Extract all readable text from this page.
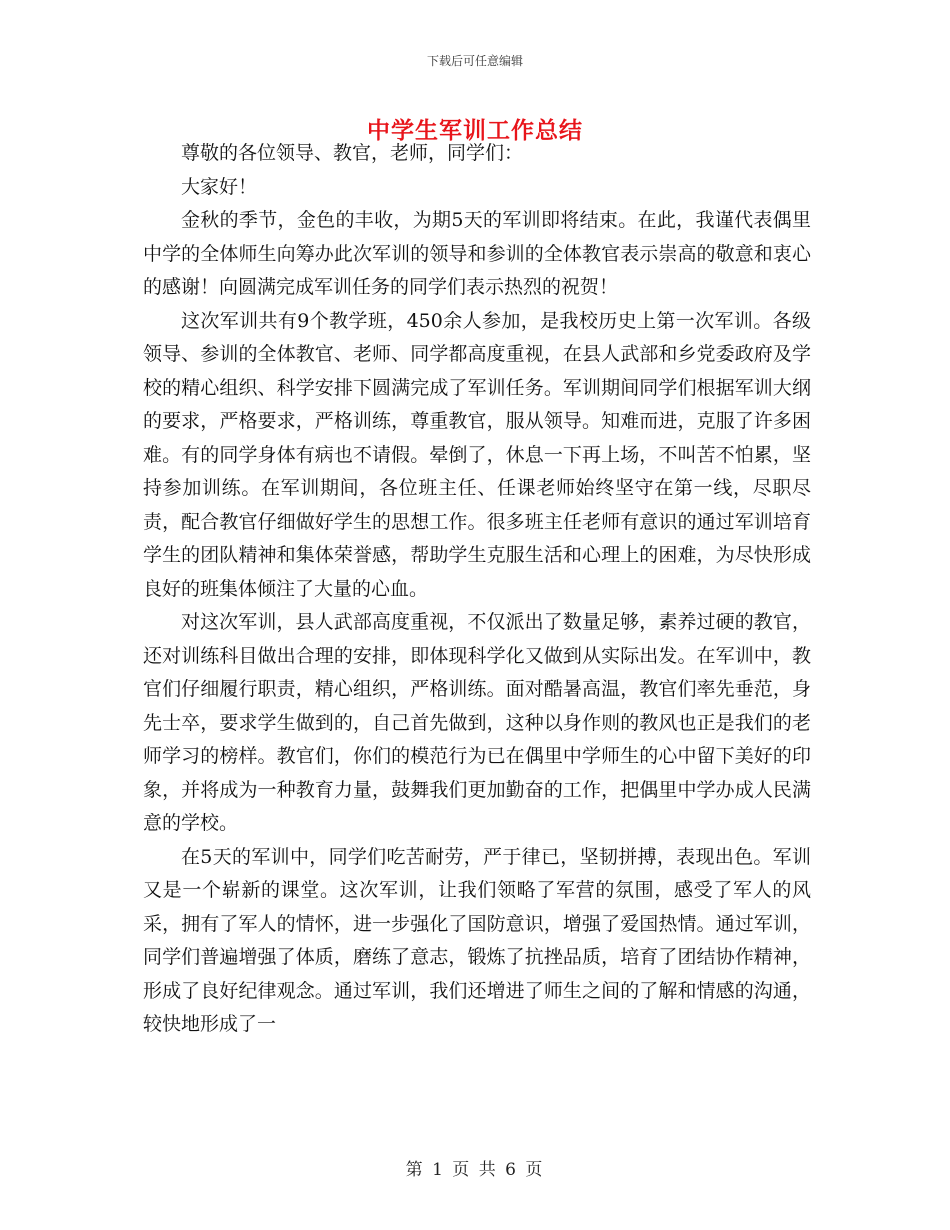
下载后可任意编辑
中学生军训工作总结

尊敬的各位领导、教官，老师，同学们：

大家好！

金秋的季节，金色的丰收，为期5天的军训即将结束。在此，我谨代表偶里中学的全体师生向筹办此次军训的领导和参训的全体教官表示崇高的敬意和衷心的感谢！向圆满完成军训任务的同学们表示热烈的祝贺！

这次军训共有9个教学班，450余人参加，是我校历史上第一次军训。各级领导、参训的全体教官、老师、同学都高度重视，在县人武部和乡党委政府及学校的精心组织、科学安排下圆满完成了军训任务。军训期间同学们根据军训大纲的要求，严格要求，严格训练，尊重教官，服从领导。知难而进，克服了许多困难。有的同学身体有病也不请假。晕倒了，休息一下再上场，不叫苦不怕累，坚持参加训练。在军训期间，各位班主任、任课老师始终坚守在第一线，尽职尽责，配合教官仔细做好学生的思想工作。很多班主任老师有意识的通过军训培育学生的团队精神和集体荣誉感，帮助学生克服生活和心理上的困难，为尽快形成良好的班集体倾注了大量的心血。

对这次军训，县人武部高度重视，不仅派出了数量足够，素养过硬的教官，还对训练科目做出合理的安排，即体现科学化又做到从实际出发。在军训中，教官们仔细履行职责，精心组织，严格训练。面对酷暑高温，教官们率先垂范，身先士卒，要求学生做到的，自己首先做到，这种以身作则的教风也正是我们的老师学习的榜样。教官们，你们的模范行为已在偶里中学师生的心中留下美好的印象，并将成为一种教育力量，鼓舞我们更加勤奋的工作，把偶里中学办成人民满意的学校。

在5天的军训中，同学们吃苦耐劳，严于律已，坚韧拼搏，表现出色。军训又是一个崭新的课堂。这次军训，让我们领略了军营的氛围，感受了军人的风采，拥有了军人的情怀，进一步强化了国防意识，增强了爱国热情。通过军训，同学们普遍增强了体质，磨练了意志，锻炼了抗挫品质，培育了团结协作精神，形成了良好纪律观念。通过军训，我们还增进了师生之间的了解和情感的沟通，较快地形成了一

第 1 页 共 6 页
